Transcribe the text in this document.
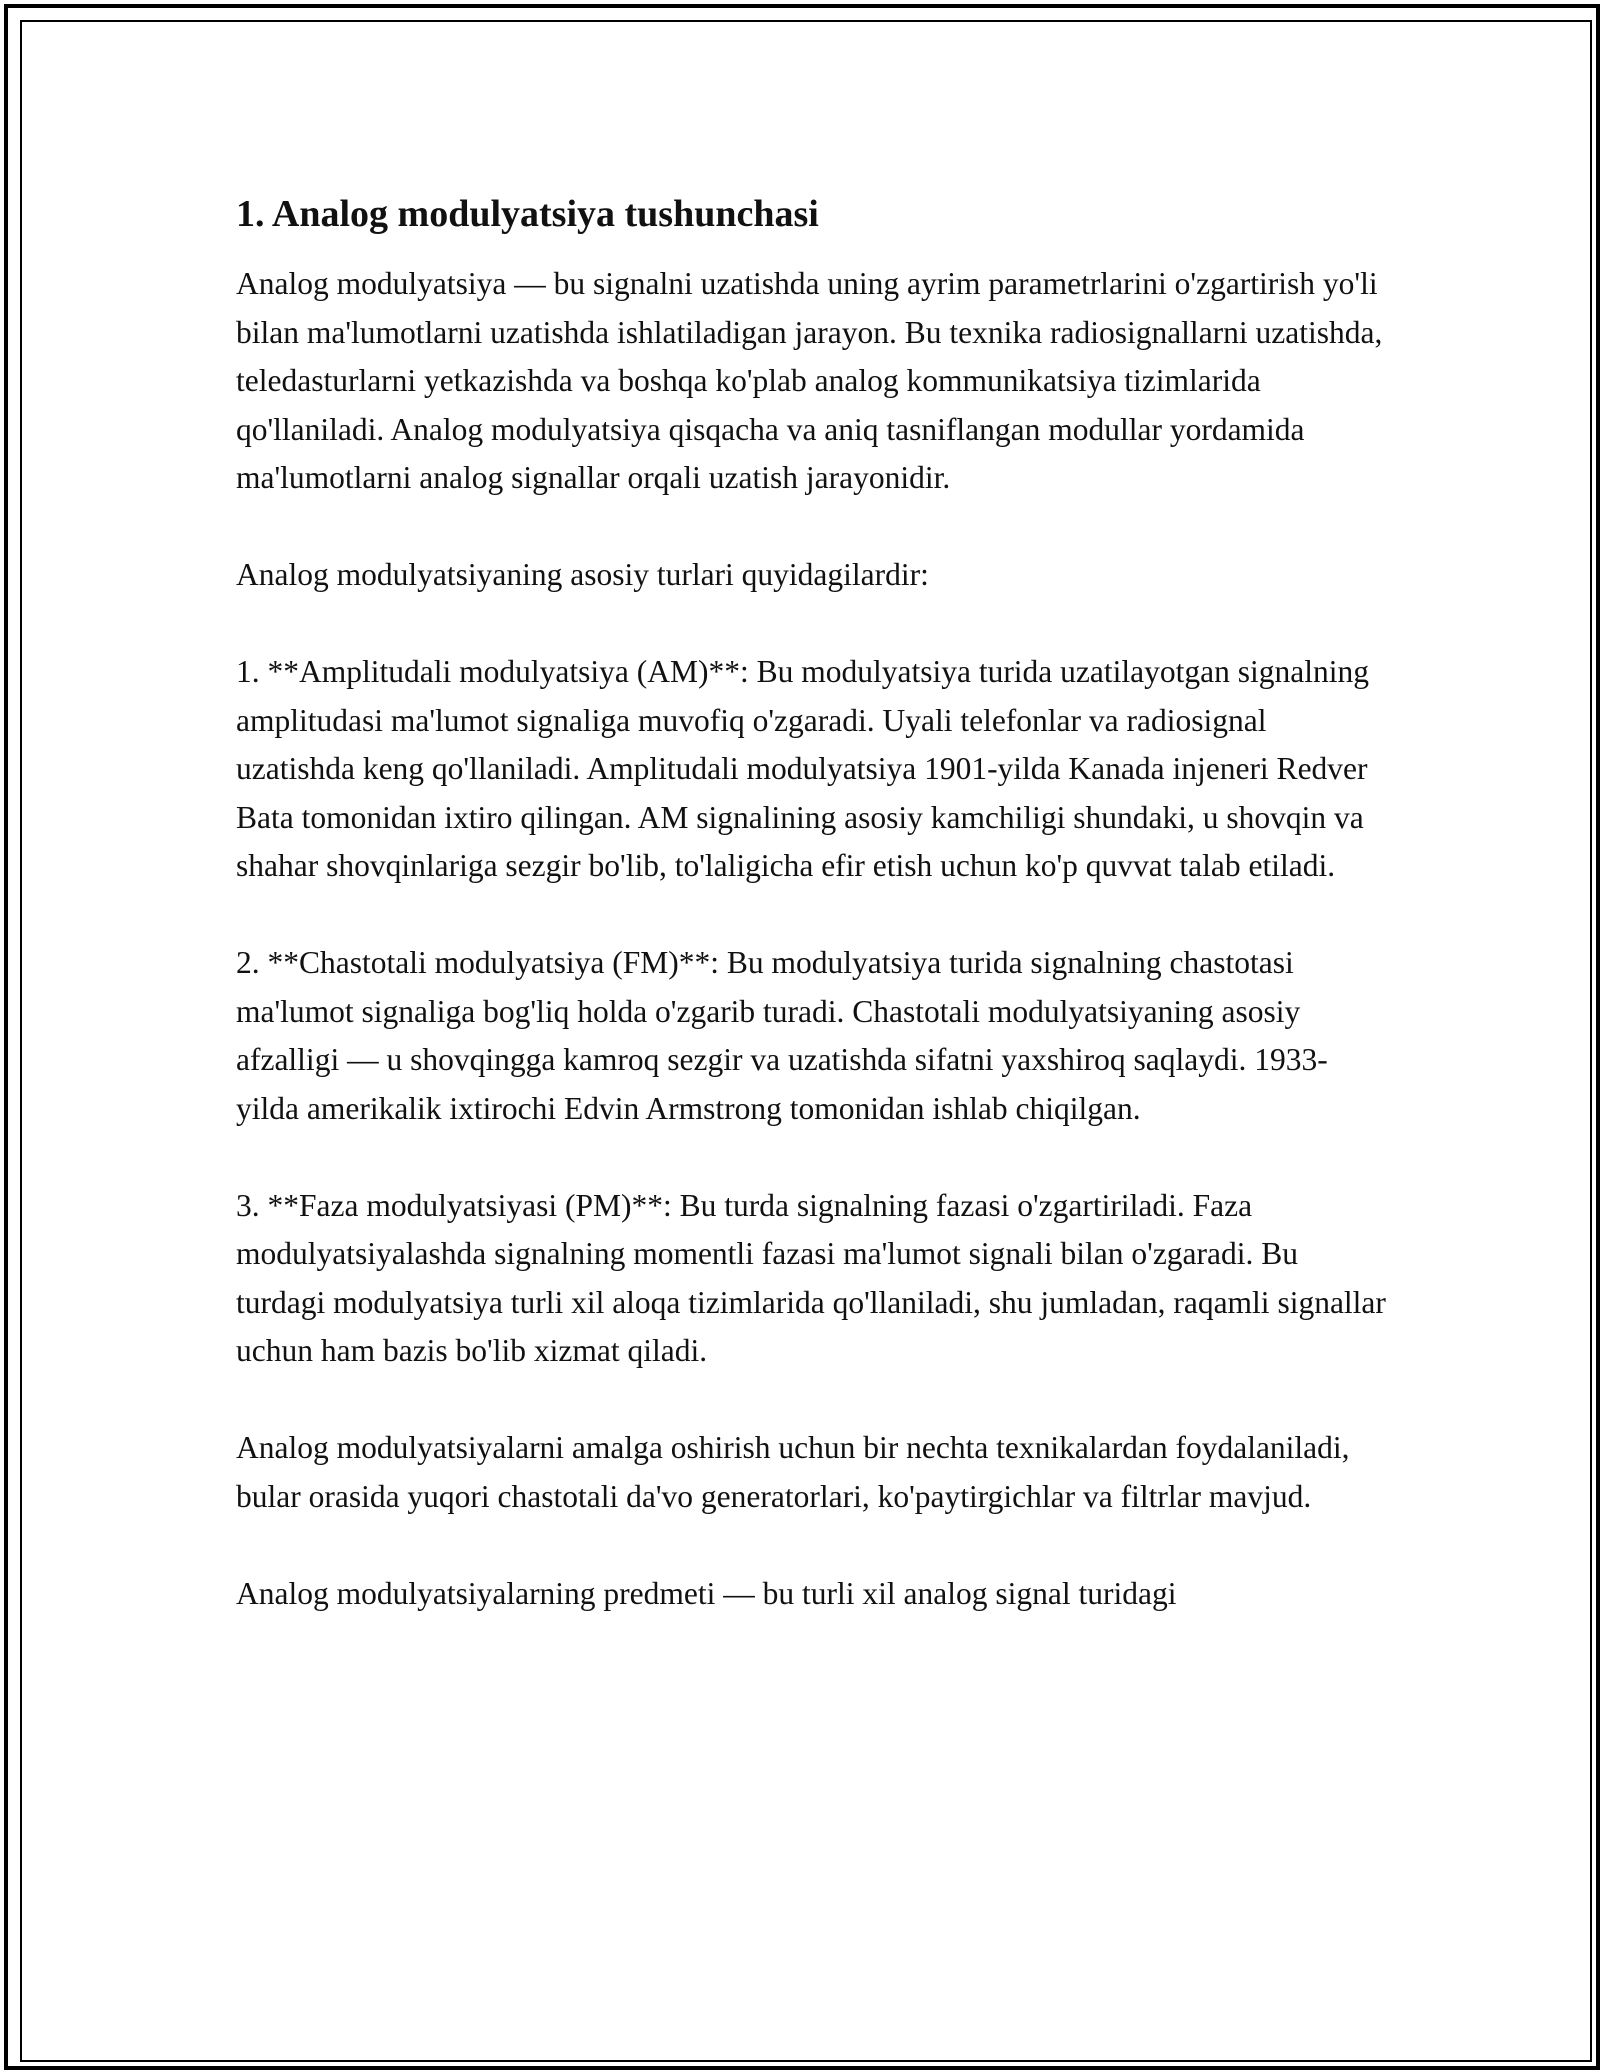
1. Analog modulyatsiya tushunchasi

Analog modulyatsiya — bu signalni uzatishda uning ayrim parametrlarini o'zgartirish yo'li bilan ma'lumotlarni uzatishda ishlatiladigan jarayon. Bu texnika radiosignallarni uzatishda, teledasturlarni yetkazishda va boshqa ko'plab analog kommunikatsiya tizimlarida qo'llaniladi. Analog modulyatsiya qisqacha va aniq tasniflangan modullar yordamida ma'lumotlarni analog signallar orqali uzatish jarayonidir.

Analog modulyatsiyaning asosiy turlari quyidagilardir:

1. **Amplitudali modulyatsiya (AM)**: Bu modulyatsiya turida uzatilayotgan signalning amplitudasi ma'lumot signaliga muvofiq o'zgaradi. Uyali telefonlar va radiosignal uzatishda keng qo'llaniladi. Amplitudali modulyatsiya 1901-yilda Kanada injeneri Redver Bata tomonidan ixtiro qilingan. AM signalining asosiy kamchiligi shundaki, u shovqin va shahar shovqinlariga sezgir bo'lib, to'laligicha efir etish uchun ko'p quvvat talab etiladi.

2. **Chastotali modulyatsiya (FM)**: Bu modulyatsiya turida signalning chastotasi ma'lumot signaliga bog'liq holda o'zgarib turadi. Chastotali modulyatsiyaning asosiy afzalligi — u shovqingga kamroq sezgir va uzatishda sifatni yaxshiroq saqlaydi. 1933-yilda amerikalik ixtirochi Edvin Armstrong tomonidan ishlab chiqilgan.

3. **Faza modulyatsiyasi (PM)**: Bu turda signalning fazasi o'zgartiriladi. Faza modulyatsiyalashda signalning momentli fazasi ma'lumot signali bilan o'zgaradi. Bu turdagi modulyatsiya turli xil aloqa tizimlarida qo'llaniladi, shu jumladan, raqamli signallar uchun ham bazis bo'lib xizmat qiladi.

Analog modulyatsiyalarni amalga oshirish uchun bir nechta texnikalardan foydalaniladi, bular orasida yuqori chastotali da'vo generatorlari, ko'paytirgichlar va filtrlar mavjud.

Analog modulyatsiyalarning predmeti — bu turli xil analog signal turidagi
